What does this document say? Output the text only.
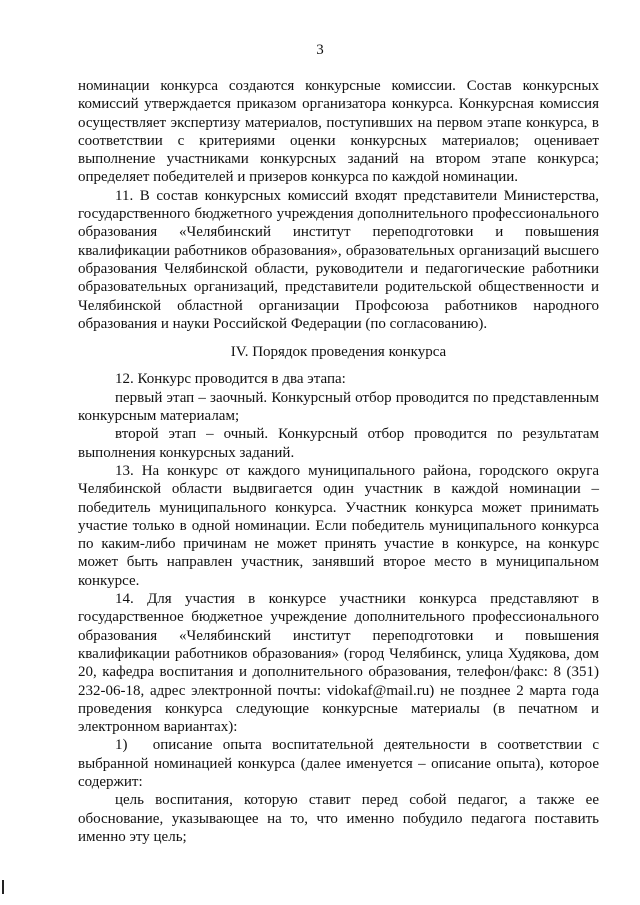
3

номинации конкурса создаются конкурсные комиссии. Состав конкурсных комиссий утверждается приказом организатора конкурса. Конкурсная комиссия осуществляет экспертизу материалов, поступивших на первом этапе конкурса, в соответствии с критериями оценки конкурсных материалов; оценивает выполнение участниками конкурсных заданий на втором этапе конкурса; определяет победителей и призеров конкурса по каждой номинации.

11. В состав конкурсных комиссий входят представители Министерства, государственного бюджетного учреждения дополнительного профессионального образования «Челябинский институт переподготовки и повышения квалификации работников образования», образовательных организаций высшего образования Челябинской области, руководители и педагогические работники образовательных организаций, представители родительской общественности и Челябинской областной организации Профсоюза работников народного образования и науки Российской Федерации (по согласованию).

IV. Порядок проведения конкурса

12. Конкурс проводится в два этапа:

первый этап – заочный. Конкурсный отбор проводится по представленным конкурсным материалам;

второй этап – очный. Конкурсный отбор проводится по результатам выполнения конкурсных заданий.

13. На конкурс от каждого муниципального района, городского округа Челябинской области выдвигается один участник в каждой номинации – победитель муниципального конкурса. Участник конкурса может принимать участие только в одной номинации. Если победитель муниципального конкурса по каким-либо причинам не может принять участие в конкурсе, на конкурс может быть направлен участник, занявший второе место в муниципальном конкурсе.

14. Для участия в конкурсе участники конкурса представляют в государственное бюджетное учреждение дополнительного профессионального образования «Челябинский институт переподготовки и повышения квалификации работников образования» (город Челябинск, улица Худякова, дом 20, кафедра воспитания и дополнительного образования, телефон/факс: 8 (351) 232-06-18, адрес электронной почты: vidokaf@mail.ru) не позднее 2 марта года проведения конкурса следующие конкурсные материалы (в печатном и электронном вариантах):

1)  описание опыта воспитательной деятельности в соответствии с выбранной номинацией конкурса (далее именуется – описание опыта), которое содержит:

цель воспитания, которую ставит перед собой педагог, а также ее обоснование, указывающее на то, что именно побудило педагога поставить именно эту цель;
